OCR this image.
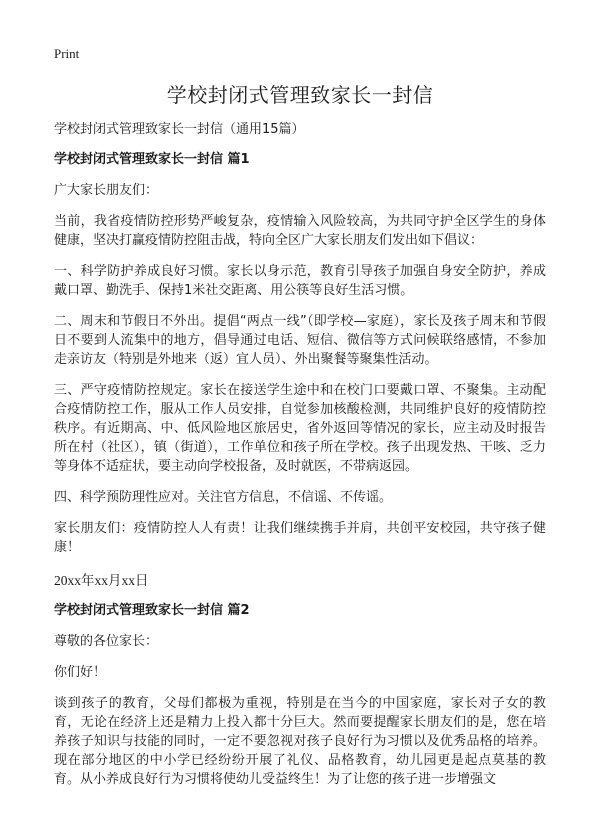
Print
学校封闭式管理致家长一封信
学校封闭式管理致家长一封信（通用15篇）
学校封闭式管理致家长一封信 篇1

广大家长朋友们：

当前，我省疫情防控形势严峻复杂，疫情输入风险较高，为共同守护全区学生的身体健康，坚决打赢疫情防控阻击战，特向全区广大家长朋友们发出如下倡议：

一、科学防护养成良好习惯。家长以身示范，教育引导孩子加强自身安全防护，养成戴口罩、勤洗手、保持1米社交距离、用公筷等良好生活习惯。

二、周末和节假日不外出。提倡“两点一线”（即学校—家庭），家长及孩子周末和节假日不要到人流集中的地方，倡导通过电话、短信、微信等方式问候联络感情，不参加走亲访友（特别是外地来（返）宜人员）、外出聚餐等聚集性活动。

三、严守疫情防控规定。家长在接送学生途中和在校门口要戴口罩、不聚集。主动配合疫情防控工作，服从工作人员安排，自觉参加核酸检测，共同维护良好的疫情防控秩序。有近期高、中、低风险地区旅居史，省外返回等情况的家长，应主动及时报告所在村（社区），镇（街道），工作单位和孩子所在学校。孩子出现发热、干咳、乏力等身体不适症状，要主动向学校报备，及时就医，不带病返园。

四、科学预防理性应对。关注官方信息，不信谣、不传谣。

家长朋友们：疫情防控人人有责！让我们继续携手并肩，共创平安校园，共守孩子健康！

20xx年xx月xx日
学校封闭式管理致家长一封信 篇2

尊敬的各位家长：

你们好！

谈到孩子的教育，父母们都极为重视，特别是在当今的中国家庭，家长对子女的教育，无论在经济上还是精力上投入都十分巨大。然而要提醒家长朋友们的是，您在培养孩子知识与技能的同时，一定不要忽视对孩子良好行为习惯以及优秀品格的培养。现在部分地区的中小学已经纷纷开展了礼仪、品格教育，幼儿园更是起点莫基的教育。从小养成良好行为习惯将使幼儿受益终生！为了让您的孩子进一步增强文
